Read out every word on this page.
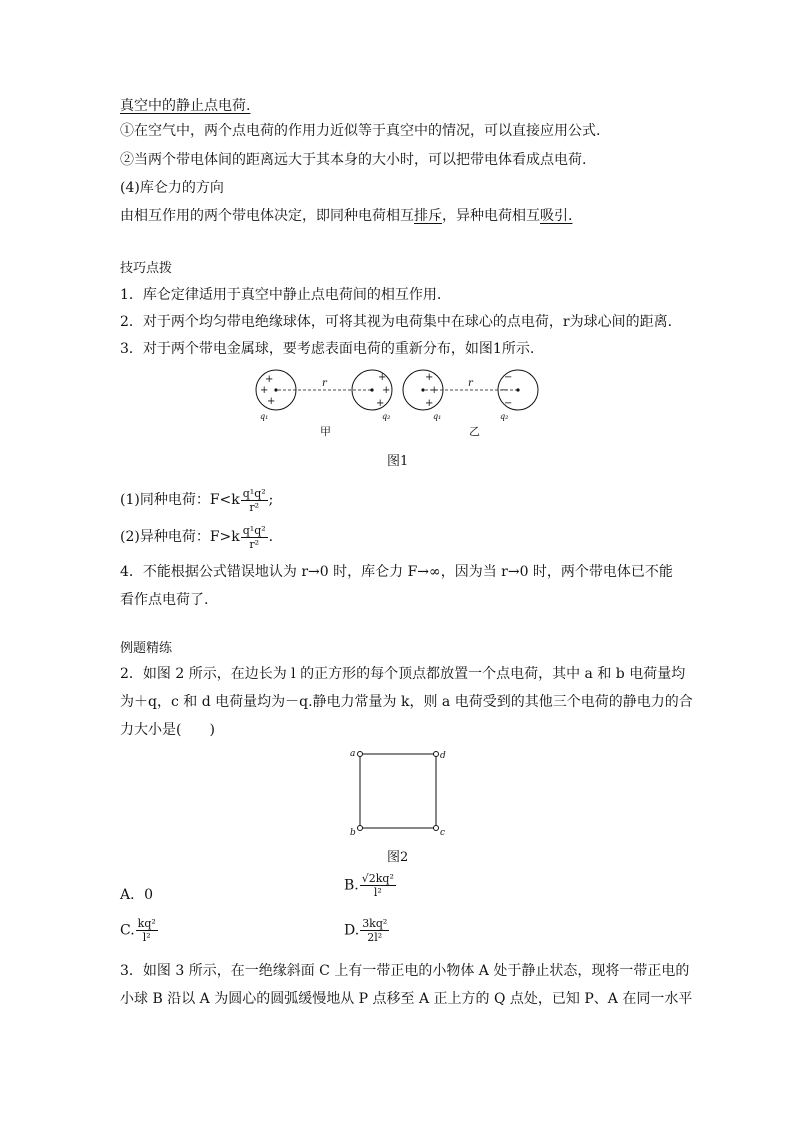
真空中的静止点电荷.
①在空气中，两个点电荷的作用力近似等于真空中的情况，可以直接应用公式.
②当两个带电体间的距离远大于其本身的大小时，可以把带电体看成点电荷.
(4)库仑力的方向
由相互作用的两个带电体决定，即同种电荷相互排斥，异种电荷相互吸引.
技巧点拨
1．库仑定律适用于真空中静止点电荷间的相互作用.
2．对于两个均匀带电绝缘球体，可将其视为电荷集中在球心的点电荷，r为球心间的距离.
3．对于两个带电金属球，要考虑表面电荷的重新分布，如图1所示.
+
+
+
r
+
+
+
q₁	q₂
甲
+
+
+
r
−
−
−
q₁	q₂
乙
图1
(1)同种电荷：$F<k \frac{\text{q¹q²}}{\text{r²}}$ ;
(2)异种电荷：$F>k \frac{\text{q¹q²}}{\text{r²}}$ .
4．不能根据公式错误地认为 r→0 时，库仑力 F→∞，因为当 r→0 时，两个带电体已不能
看作点电荷了.
例题精练
2．如图 2 所示，在边长为 l 的正方形的每个顶点都放置一个点电荷，其中 a 和 b 电荷量均
为＋q，c 和 d 电荷量均为－q.静电力常量为 k，则 a 电荷受到的其他三个电荷的静电力的合
力大小是(　　)
a	d
b	c
图2
A．0
B. $\frac{\text{√2kq²}}{\text{l²}}$
C. $\frac{\text{kq²}}{\text{l²}}$	D. $\frac{\text{3kq²}}{\text{2l²}}$
3．如图 3 所示，在一绝缘斜面 C 上有一带正电的小物体 A 处于静止状态，现将一带正电的
小球 B 沿以 A 为圆心的圆弧缓慢地从 P 点移至 A 正上方的 Q 点处，已知 P、A 在同一水平
